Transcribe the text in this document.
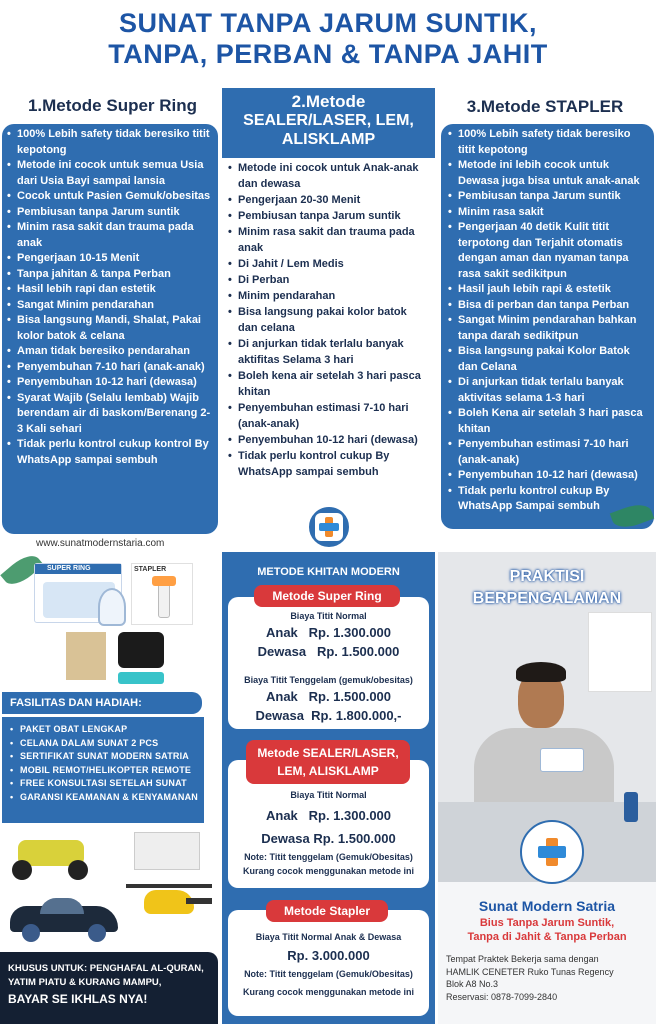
SUNAT TANPA JARUM SUNTIK,
TANPA, PERBAN & TANPA JAHIT
1.Metode Super Ring
• 100% Lebih safety tidak beresiko titit kepotong
• Metode ini cocok untuk semua Usia dari Usia Bayi sampai lansia
• Cocok untuk Pasien Gemuk/obesitas
• Pembiusan tanpa Jarum suntik
• Minim rasa sakit dan trauma pada anak
• Pengerjaan 10-15 Menit
• Tanpa jahitan & tanpa Perban
• Hasil lebih rapi dan estetik
• Sangat Minim pendarahan
• Bisa langsung Mandi, Shalat, Pakai kolor batok & celana
• Aman tidak beresiko pendarahan
• Penyembuhan 7-10 hari (anak-anak)
• Penyembuhan 10-12 hari (dewasa)
• Syarat Wajib (Selalu lembab) Wajib berendam air di baskom/Berenang 2-3 Kali sehari
• Tidak perlu kontrol cukup kontrol By WhatsApp sampai sembuh
2.Metode
SEALER/LASER, LEM,
ALISKLAMP
• Metode ini cocok untuk Anak-anak dan dewasa
• Pengerjaan 20-30 Menit
• Pembiusan tanpa Jarum suntik
• Minim rasa sakit dan trauma pada anak
• Di Jahit / Lem Medis
• Di Perban
• Minim pendarahan
• Bisa langsung pakai kolor batok dan celana
• Di anjurkan tidak terlalu banyak aktifitas Selama 3 hari
• Boleh kena air setelah 3 hari pasca khitan
• Penyembuhan estimasi 7-10 hari (anak-anak)
• Penyembuhan 10-12 hari (dewasa)
• Tidak perlu kontrol cukup By WhatsApp sampai sembuh
3.Metode STAPLER
• 100% Lebih safety tidak beresiko titit kepotong
• Metode ini lebih cocok untuk Dewasa juga bisa untuk anak-anak
• Pembiusan tanpa Jarum suntik
• Minim rasa sakit
• Pengerjaan 40 detik Kulit titit terpotong dan Terjahit otomatis dengan aman dan nyaman tanpa rasa sakit sedikitpun
• Hasil jauh lebih rapi & estetik
• Bisa di perban dan tanpa Perban
• Sangat Minim pendarahan bahkan tanpa darah sedikitpun
• Bisa langsung pakai Kolor Batok dan Celana
• Di anjurkan tidak terlalu banyak aktivitas selama 1-3 hari
• Boleh Kena air setelah 3 hari pasca khitan
• Penyembuhan estimasi 7-10 hari (anak-anak)
• Penyembuhan 10-12 hari (dewasa)
• Tidak perlu kontrol cukup By WhatsApp Sampai sembuh
www.sunatmodernstaria.com
SUPER RING	STAPLER
FASILITAS DAN HADIAH:
• PAKET OBAT LENGKAP
• CELANA DALAM SUNAT 2 PCS
• SERTIFIKAT SUNAT MODERN SATRIA
• MOBIL REMOT/HELIKOPTER REMOTE
• FREE KONSULTASI SETELAH SUNAT
• GARANSI KEAMANAN & KENYAMANAN
KHUSUS UNTUK: PENGHAFAL AL-QURAN,
YATIM PIATU & KURANG MAMPU,
BAYAR SE IKHLAS NYA!
METODE KHITAN MODERN
Biaya Titit Normal
Anak Rp. 1.300.000
Dewasa Rp. 1.500.000
Biaya Titit Tenggelam (gemuk/obesitas)
Anak Rp. 1.500.000
Dewasa Rp. 1.800.000,-
Metode Super Ring
Biaya Titit Normal
Anak Rp. 1.300.000
Dewasa Rp. 1.500.000
Note: Titit tenggelam (Gemuk/Obesitas)
Kurang cocok menggunakan metode ini
Metode SEALER/LASER,
LEM, ALISKLAMP
Biaya Titit Normal Anak & Dewasa
Rp. 3.000.000
Note: Titit tenggelam (Gemuk/Obesitas)
Kurang cocok menggunakan metode ini
Metode Stapler
PRAKTISI
BERPENGALAMAN
Sunat Modern Satria
Bius Tanpa Jarum Suntik,
Tanpa di Jahit & Tanpa Perban
Tempat Praktek Bekerja sama dengan
HAMLIK CENETER Ruko Tunas Regency
Blok A8 No.3
Reservasi: 0878-7099-2840
